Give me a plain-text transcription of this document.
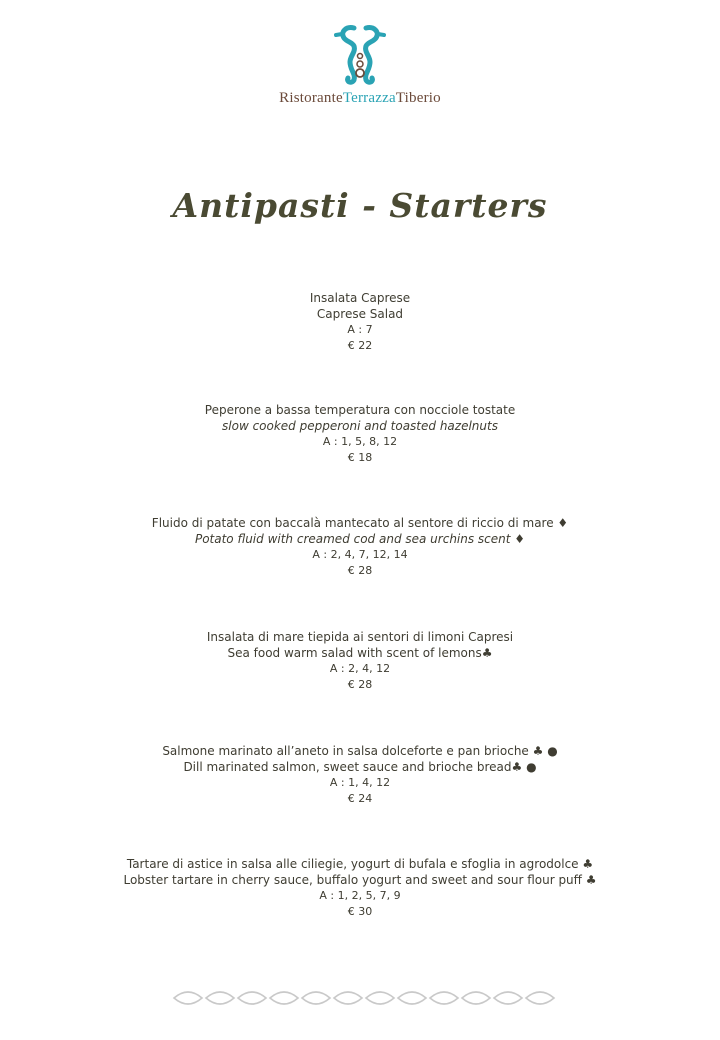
RistoranteTerrazzaTiberio
Antipasti - Starters
Insalata Caprese
Caprese Salad
A : 7
€ 22
Peperone a bassa temperatura con nocciole tostate
slow cooked pepperoni and toasted hazelnuts
A : 1, 5, 8, 12
€ 18
Fluido di patate con baccalà mantecato al sentore di riccio di mare ♦
Potato fluid with creamed cod and sea urchins scent ♦
A : 2, 4, 7, 12, 14
€ 28
Insalata di mare tiepida ai sentori di limoni Capresi
Sea food warm salad with scent of lemons♣
A : 2, 4, 12
€ 28
Salmone marinato all’aneto in salsa dolceforte e pan brioche ♣ ●
Dill marinated salmon, sweet sauce and brioche bread♣ ●
A : 1, 4, 12
€ 24
Tartare di astice in salsa alle ciliegie, yogurt di bufala e sfoglia in agrodolce ♣
Lobster tartare in cherry sauce, buffalo yogurt and sweet and sour flour puff ♣
A : 1, 2, 5, 7, 9
€ 30
